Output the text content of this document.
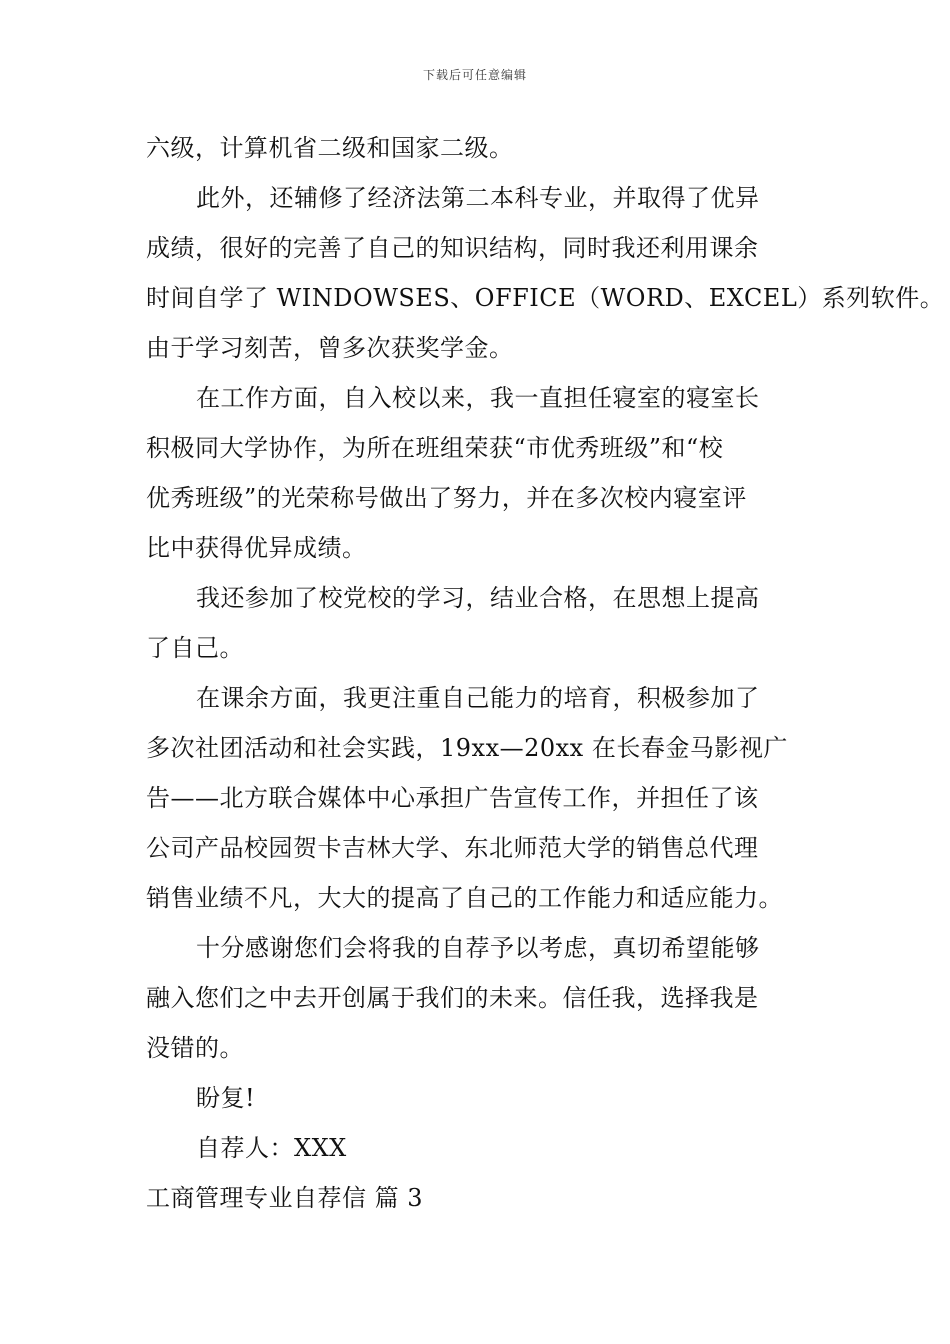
下载后可任意编辑
六级，计算机省二级和国家二级。
此外，还辅修了经济法第二本科专业，并取得了优异
成绩，很好的完善了自己的知识结构，同时我还利用课余
时间自学了 WINDOWSES、OFFICE（WORD、EXCEL）系列软件。
由于学习刻苦，曾多次获奖学金。
在工作方面，自入校以来，我一直担任寝室的寝室长
积极同大学协作，为所在班组荣获“市优秀班级”和“校
优秀班级”的光荣称号做出了努力，并在多次校内寝室评
比中获得优异成绩。
我还参加了校党校的学习，结业合格，在思想上提高
了自己。
在课余方面，我更注重自己能力的培育，积极参加了
多次社团活动和社会实践，19xx—20xx 在长春金马影视广
告——北方联合媒体中心承担广告宣传工作，并担任了该
公司产品校园贺卡吉林大学、东北师范大学的销售总代理
销售业绩不凡，大大的提高了自己的工作能力和适应能力。
十分感谢您们会将我的自荐予以考虑，真切希望能够
融入您们之中去开创属于我们的未来。信任我，选择我是
没错的。
盼复!
自荐人：XXX
工商管理专业自荐信 篇 3
